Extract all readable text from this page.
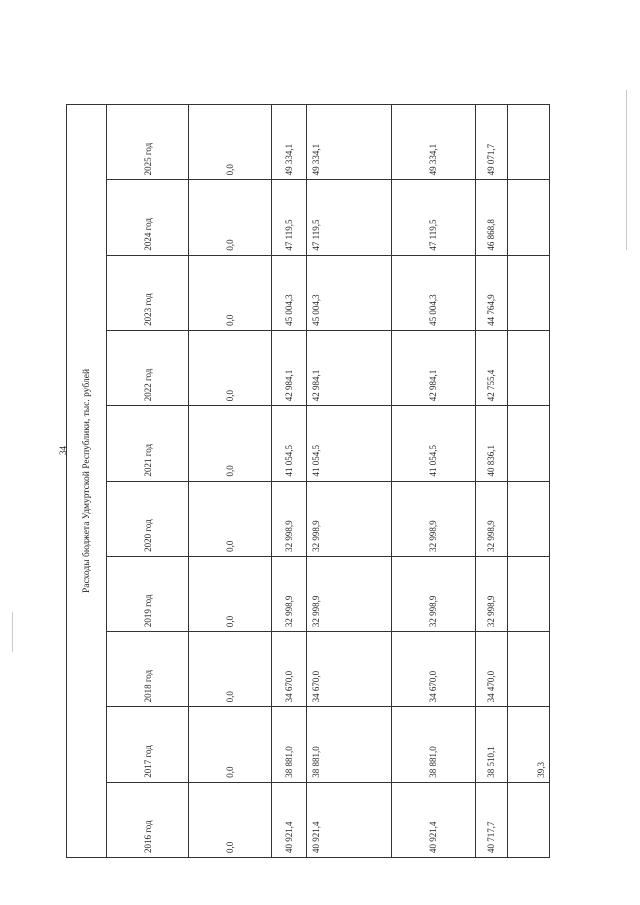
34 Расходы бюджета Удмуртской Республики, тыс. рублей									
2016 год	2017 год	2018 год	2019 год	2020 год	2021 год	2022 год	2023 год	2024 год	2025 год
0,0	0,0	0,0	0,0	0,0	0,0	0,0	0,0	0,0	0,0
40 921,4	38 881,0	34 670,0	32 998,9	32 998,9	41 054,5	42 984,1	45 004,3	47 119,5	49 334,1
40 921,4	38 881,0	34 670,0	32 998,9	32 998,9	41 054,5	42 984,1	45 004,3	47 119,5	49 334,1
40 921,4	38 881,0	34 670,0	32 998,9	32 998,9	41 054,5	42 984,1	45 004,3	47 119,5	49 334,1
40 717,7	38 510,1	34 470,0	32 998,9	32 998,9	40 836,1	42 755,4	44 764,9	46 868,8	49 071,7
	39,3								
